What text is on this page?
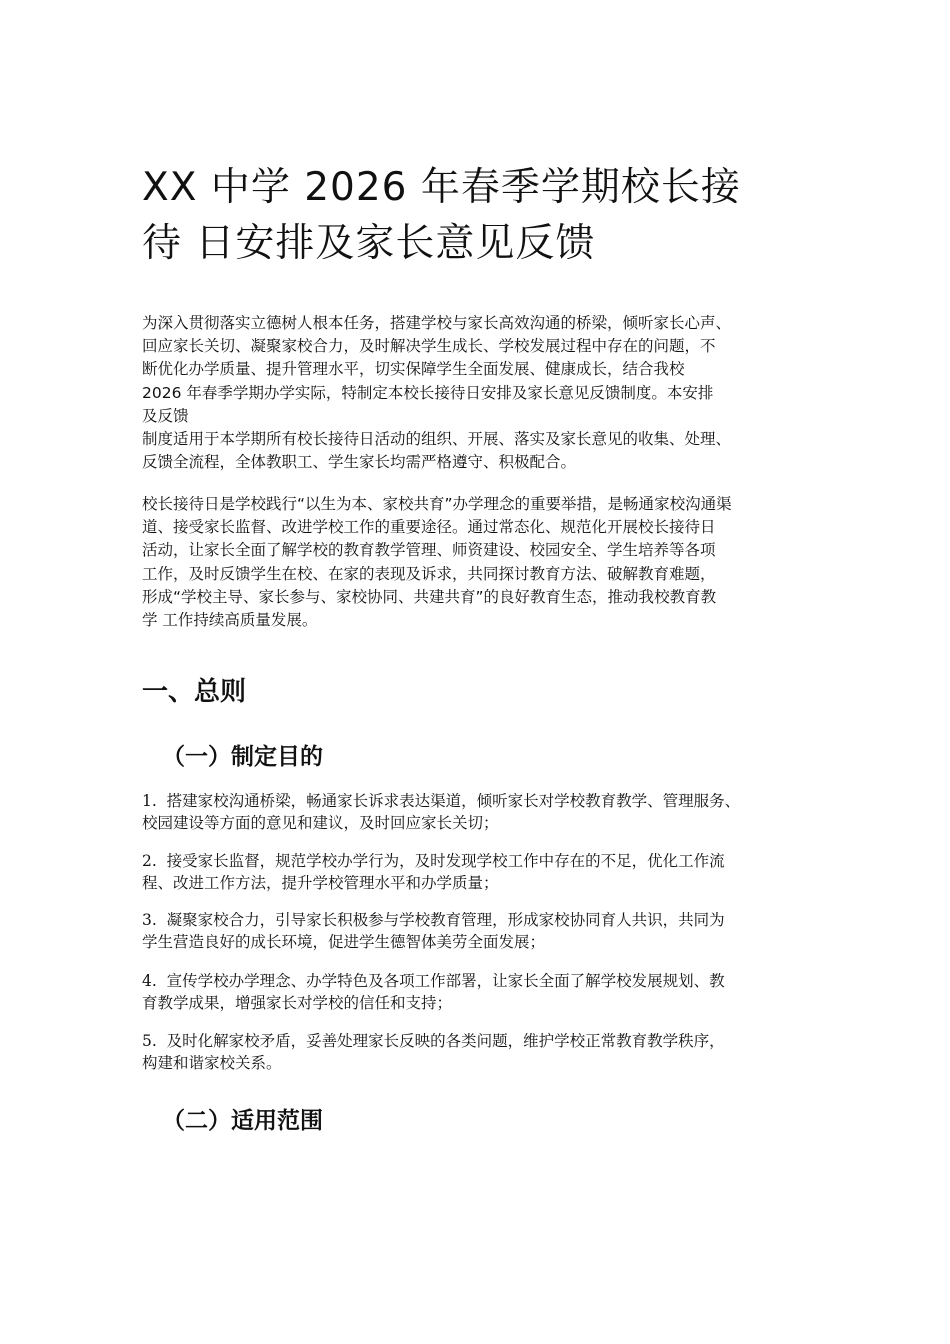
XX 中学 2026 年春季学期校长接
待 日安排及家长意见反馈

为深入贯彻落实立德树人根本任务，搭建学校与家长高效沟通的桥梁，倾听家长心声、
回应家长关切、凝聚家校合力，及时解决学生成长、学校发展过程中存在的问题，不
断优化办学质量、提升管理水平，切实保障学生全面发展、健康成长，结合我校
2026 年春季学期办学实际，特制定本校长接待日安排及家长意见反馈制度。本安排
及反馈
制度适用于本学期所有校长接待日活动的组织、开展、落实及家长意见的收集、处理、
反馈全流程，全体教职工、学生家长均需严格遵守、积极配合。

校长接待日是学校践行“以生为本、家校共育”办学理念的重要举措，是畅通家校沟通渠
道、接受家长监督、改进学校工作的重要途径。通过常态化、规范化开展校长接待日
活动，让家长全面了解学校的教育教学管理、师资建设、校园安全、学生培养等各项
工作，及时反馈学生在校、在家的表现及诉求，共同探讨教育方法、破解教育难题，
形成“学校主导、家长参与、家校协同、共建共育”的良好教育生态，推动我校教育教
学 工作持续高质量发展。

一、总则
（一）制定目的

1. 搭建家校沟通桥梁，畅通家长诉求表达渠道，倾听家长对学校教育教学、管理服务、
校园建设等方面的意见和建议，及时回应家长关切；

2. 接受家长监督，规范学校办学行为，及时发现学校工作中存在的不足，优化工作流
程、改进工作方法，提升学校管理水平和办学质量；

3. 凝聚家校合力，引导家长积极参与学校教育管理，形成家校协同育人共识，共同为
学生营造良好的成长环境，促进学生德智体美劳全面发展；

4. 宣传学校办学理念、办学特色及各项工作部署，让家长全面了解学校发展规划、教
育教学成果，增强家长对学校的信任和支持；

5. 及时化解家校矛盾，妥善处理家长反映的各类问题，维护学校正常教育教学秩序，
构建和谐家校关系。

（二）适用范围
